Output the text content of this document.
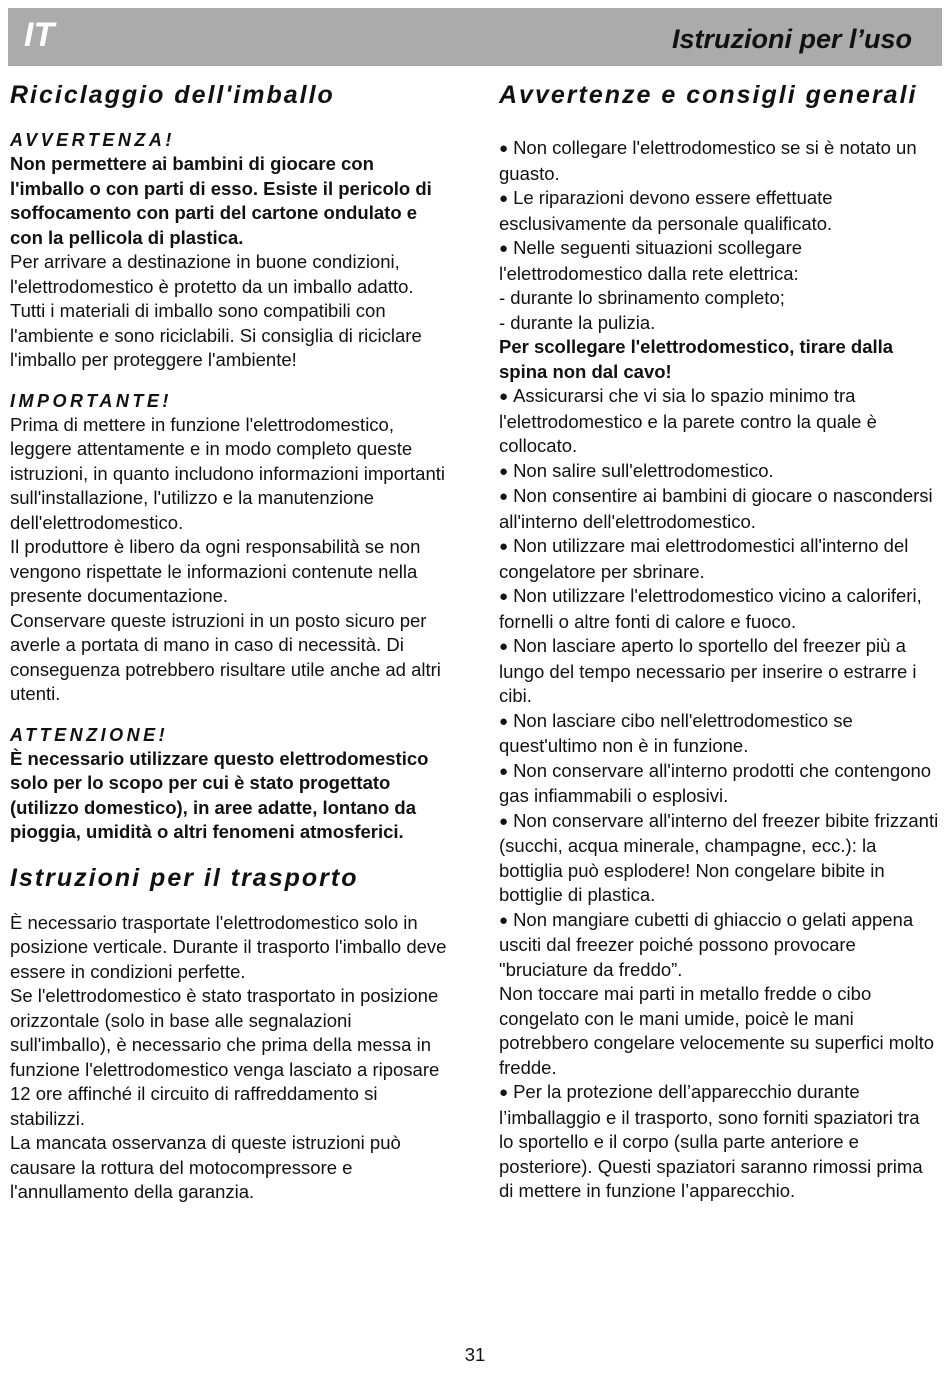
IT	Istruzioni per l’uso
Riciclaggio dell'imballo
AVVERTENZA!

Non permettere ai bambini di giocare con l'imballo o con parti di esso. Esiste il pericolo di soffocamento con parti del cartone ondulato e con la pellicola di plastica.

Per arrivare a destinazione in buone condizioni, l'elettrodomestico è protetto da un imballo adatto. Tutti i materiali di imballo sono compatibili con l'ambiente e sono riciclabili. Si consiglia di riciclare l'imballo per proteggere l'ambiente!

IMPORTANTE!

Prima di mettere in funzione l'elettrodomestico, leggere attentamente e in modo completo queste istruzioni, in quanto includono informazioni importanti sull'installazione, l'utilizzo e la manutenzione dell'elettrodomestico.

Il produttore è libero da ogni responsabilità se non vengono rispettate le informazioni contenute nella presente documentazione.

Conservare queste istruzioni in un posto sicuro per averle a portata di mano in caso di necessità. Di conseguenza potrebbero risultare utile anche ad altri utenti.

ATTENZIONE!

È necessario utilizzare questo elettrodomestico solo per lo scopo per cui è stato progettato (utilizzo domestico), in aree adatte, lontano da pioggia, umidità o altri fenomeni atmosferici.

Istruzioni per il trasporto

È necessario trasportate l'elettrodomestico solo in posizione verticale. Durante il trasporto l'imballo deve essere in condizioni perfette.

Se l'elettrodomestico è stato trasportato in posizione orizzontale (solo in base alle segnalazioni sull'imballo), è necessario che prima della messa in funzione l'elettrodomestico venga lasciato a riposare 12 ore affinché il circuito di raffreddamento si stabilizzi.

La mancata osservanza di queste istruzioni può causare la rottura del motocompressore e l'annullamento della garanzia.

Avvertenze e consigli generali

● Non collegare l'elettrodomestico se si è notato un guasto.

● Le riparazioni devono essere effettuate esclusivamente da personale qualificato.

● Nelle seguenti situazioni scollegare l'elettrodomestico dalla rete elettrica:

- durante lo sbrinamento completo;

- durante la pulizia.

Per scollegare l'elettrodomestico, tirare dalla spina non dal cavo!

● Assicurarsi che vi sia lo spazio minimo tra l'elettrodomestico e la parete contro la quale è collocato.

● Non salire sull'elettrodomestico.

● Non consentire ai bambini di giocare o nascondersi all'interno dell'elettrodomestico.

● Non utilizzare mai elettrodomestici all'interno del congelatore per sbrinare.

● Non utilizzare l'elettrodomestico vicino a caloriferi, fornelli o altre fonti di calore e fuoco.

● Non lasciare aperto lo sportello del freezer più a lungo del tempo necessario per inserire o estrarre i cibi.

● Non lasciare cibo nell'elettrodomestico se quest'ultimo non è in funzione.

● Non conservare all'interno prodotti che contengono gas infiammabili o esplosivi.

● Non conservare all'interno del freezer bibite frizzanti (succhi, acqua minerale, champagne, ecc.): la bottiglia può esplodere! Non congelare bibite in bottiglie di plastica.

● Non mangiare cubetti di ghiaccio o gelati appena usciti dal freezer poiché possono provocare "bruciature da freddo”.

Non toccare mai parti in metallo fredde o cibo congelato con le mani umide, poicè le mani potrebbero congelare velocemente su superfici molto fredde.

● Per la protezione dell’apparecchio durante l’imballaggio e il trasporto, sono forniti spaziatori tra lo sportello e il corpo (sulla parte anteriore e posteriore). Questi spaziatori saranno rimossi prima di mettere in funzione l’apparecchio.

31
